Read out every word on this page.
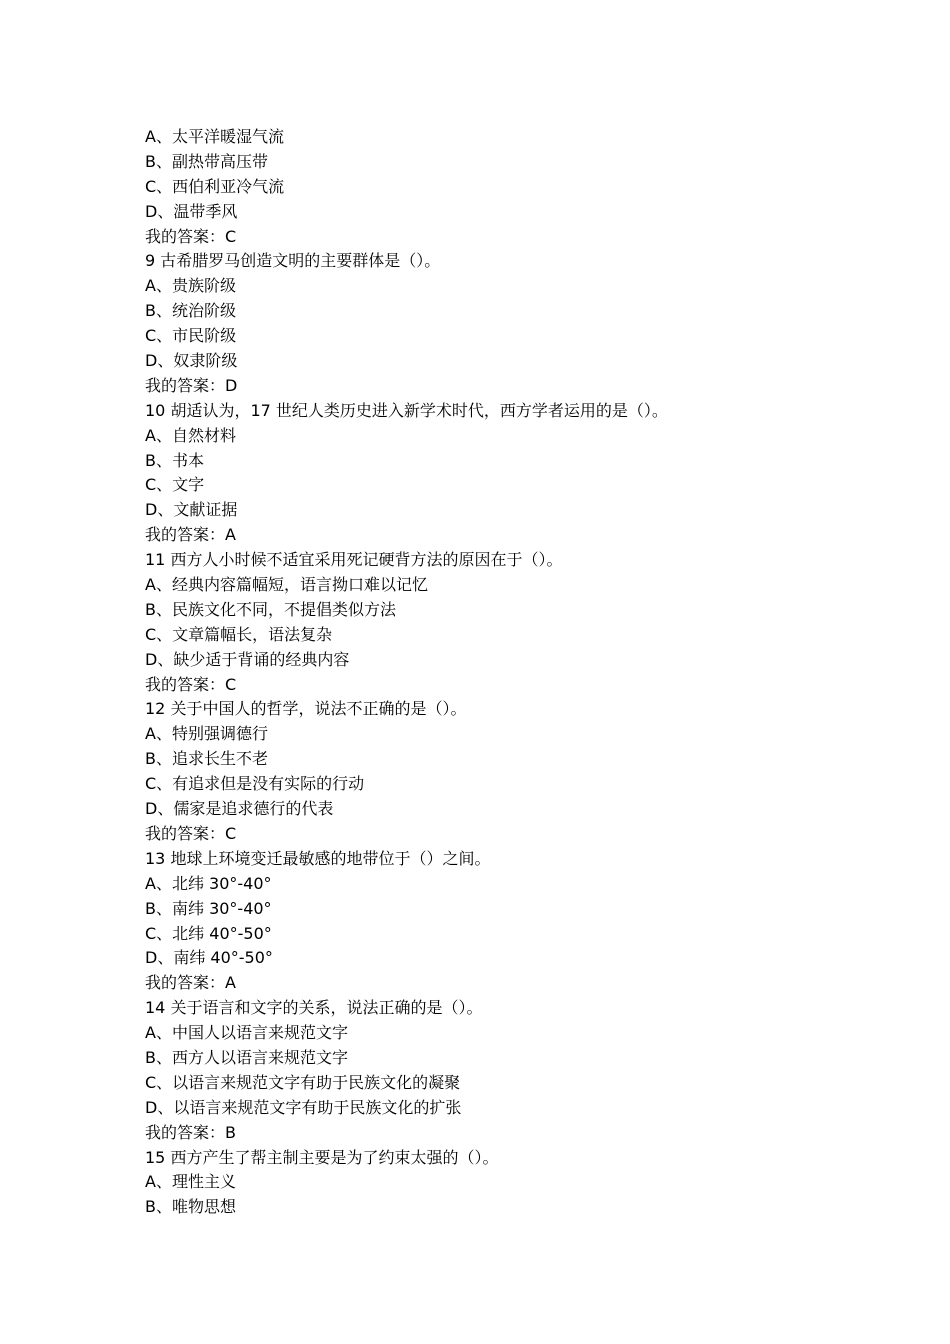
A、太平洋暖湿气流
B、副热带高压带
C、西伯利亚冷气流
D、温带季风
我的答案：C
9 古希腊罗马创造文明的主要群体是（）。
A、贵族阶级
B、统治阶级
C、市民阶级
D、奴隶阶级
我的答案：D
10 胡适认为，17 世纪人类历史进入新学术时代，西方学者运用的是（）。
A、自然材料
B、书本
C、文字
D、文献证据
我的答案：A
11 西方人小时候不适宜采用死记硬背方法的原因在于（）。
A、经典内容篇幅短，语言拗口难以记忆
B、民族文化不同，不提倡类似方法
C、文章篇幅长，语法复杂
D、缺少适于背诵的经典内容
我的答案：C
12 关于中国人的哲学，说法不正确的是（）。
A、特别强调德行
B、追求长生不老
C、有追求但是没有实际的行动
D、儒家是追求德行的代表
我的答案：C
13 地球上环境变迁最敏感的地带位于（）之间。
A、北纬 30°-40°
B、南纬 30°-40°
C、北纬 40°-50°
D、南纬 40°-50°
我的答案：A
14 关于语言和文字的关系，说法正确的是（）。
A、中国人以语言来规范文字
B、西方人以语言来规范文字
C、以语言来规范文字有助于民族文化的凝聚
D、以语言来规范文字有助于民族文化的扩张
我的答案：B
15 西方产生了帮主制主要是为了约束太强的（）。
A、理性主义
B、唯物思想
